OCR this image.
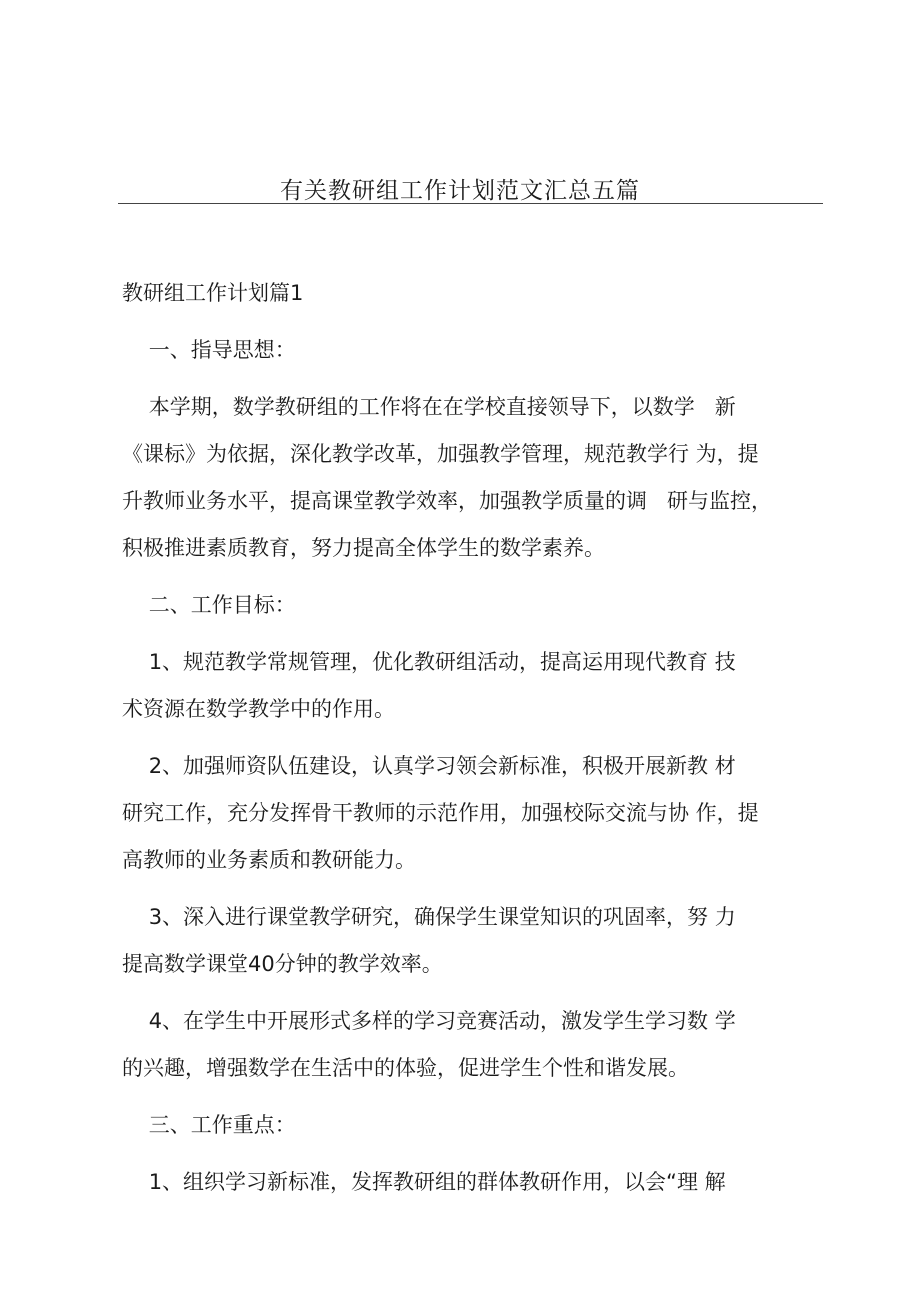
有关教研组工作计划范文汇总五篇
教研组工作计划篇1
一、指导思想：
本学期，数学教研组的工作将在在学校直接领导下，以数学   新
《课标》为依据，深化教学改革，加强教学管理，规范教学行 为，提
升教师业务水平，提高课堂教学效率，加强教学质量的调   研与监控，
积极推进素质教育，努力提高全体学生的数学素养。
二、工作目标：
1、规范教学常规管理，优化教研组活动，提高运用现代教育 技
术资源在数学教学中的作用。
2、加强师资队伍建设，认真学习领会新标准，积极开展新教 材
研究工作，充分发挥骨干教师的示范作用，加强校际交流与协 作，提
高教师的业务素质和教研能力。
3、深入进行课堂教学研究，确保学生课堂知识的巩固率，努 力
提高数学课堂40分钟的教学效率。
4、在学生中开展形式多样的学习竞赛活动，激发学生学习数 学
的兴趣，增强数学在生活中的体验，促进学生个性和谐发展。
三、工作重点：
1、组织学习新标准，发挥教研组的群体教研作用，以会“理 解
